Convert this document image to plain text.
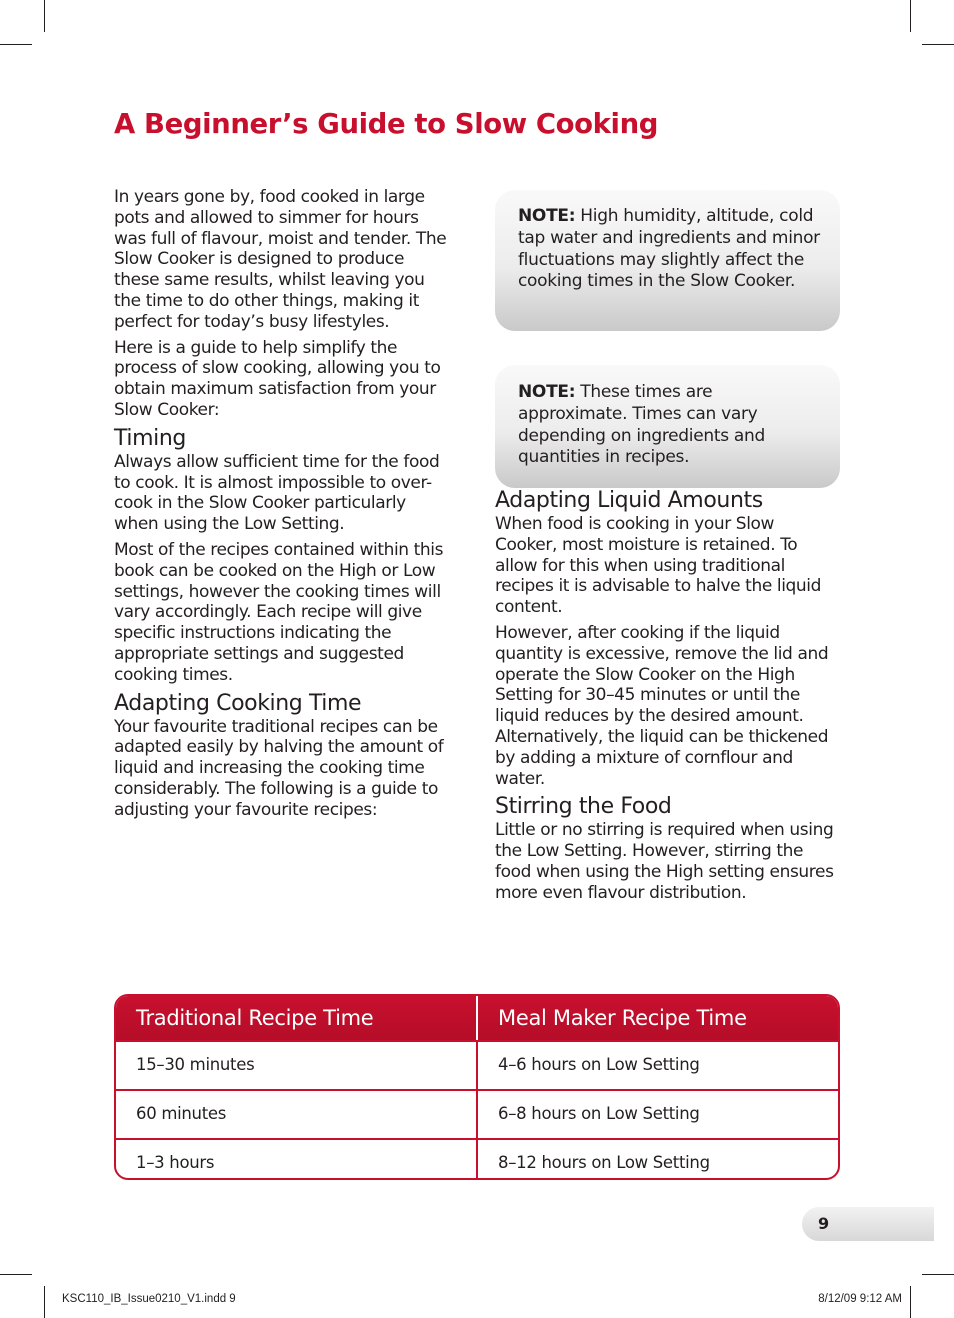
A Beginner’s Guide to Slow Cooking

In years gone by, food cooked in large pots and allowed to simmer for hours was full of flavour, moist and tender. The Slow Cooker is designed to produce these same results, whilst leaving you the time to do other things, making it perfect for today’s busy lifestyles.

Here is a guide to help simplify the process of slow cooking, allowing you to obtain maximum satisfaction from your Slow Cooker:

Timing

Always allow sufficient time for the food to cook. It is almost impossible to over-cook in the Slow Cooker particularly when using the Low Setting.

Most of the recipes contained within this book can be cooked on the High or Low settings, however the cooking times will vary accordingly. Each recipe will give specific instructions indicating the appropriate settings and suggested cooking times.

Adapting Cooking Time

Your favourite traditional recipes can be adapted easily by halving the amount of liquid and increasing the cooking time considerably. The following is a guide to adjusting your favourite recipes:

NOTE: High humidity, altitude, cold tap water and ingredients and minor fluctuations may slightly affect the cooking times in the Slow Cooker.
NOTE: These times are approximate. Times can vary depending on ingredients and quantities in recipes.
Adapting Liquid Amounts

When food is cooking in your Slow Cooker, most moisture is retained. To allow for this when using traditional recipes it is advisable to halve the liquid content.

However, after cooking if the liquid quantity is excessive, remove the lid and operate the Slow Cooker on the High Setting for 30–45 minutes or until the liquid reduces by the desired amount. Alternatively, the liquid can be thickened by adding a mixture of cornflour and water.

Stirring the Food

Little or no stirring is required when using the Low Setting. However, stirring the food when using the High setting ensures more even flavour distribution.

Traditional Recipe Time	Meal Maker Recipe Time
15–30 minutes	4–6 hours on Low Setting
60 minutes	6–8 hours on Low Setting
1–3 hours	8–12 hours on Low Setting
9
KSC110_IB_Issue0210_V1.indd 9	8/12/09 9:12 AM
